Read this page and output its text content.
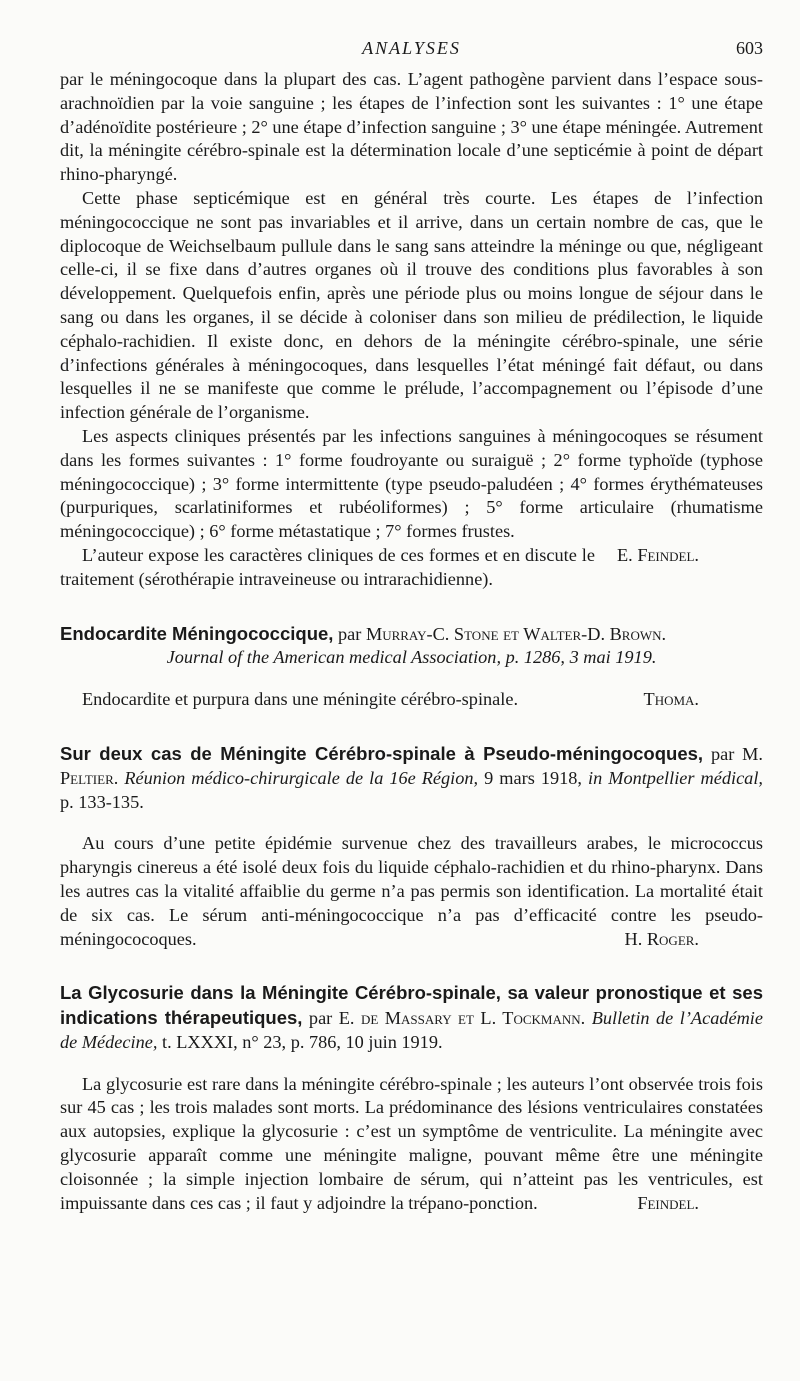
ANALYSES	603

par le méningocoque dans la plupart des cas. L’agent pathogène parvient dans l’espace sous-arachnoïdien par la voie sanguine ; les étapes de l’infection sont les suivantes : 1° une étape d’adénoïdite postérieure ; 2° une étape d’infection sanguine ; 3° une étape méningée. Autrement dit, la méningite cérébro-spinale est la détermination locale d’une septicémie à point de départ rhino-pharyngé.

Cette phase septicémique est en général très courte. Les étapes de l’infection méningococcique ne sont pas invariables et il arrive, dans un certain nombre de cas, que le diplocoque de Weichselbaum pullule dans le sang sans atteindre la méninge ou que, négligeant celle-ci, il se fixe dans d’autres organes où il trouve des conditions plus favorables à son développement. Quelquefois enfin, après une période plus ou moins longue de séjour dans le sang ou dans les organes, il se décide à coloniser dans son milieu de prédilection, le liquide céphalo-rachidien. Il existe donc, en dehors de la méningite cérébro-spinale, une série d’infections générales à méningocoques, dans lesquelles l’état méningé fait défaut, ou dans lesquelles il ne se manifeste que comme le prélude, l’accompagnement ou l’épisode d’une infection générale de l’organisme.

Les aspects cliniques présentés par les infections sanguines à méningocoques se résument dans les formes suivantes : 1° forme foudroyante ou suraiguë ; 2° forme typhoïde (typhose méningococcique) ; 3° forme intermittente (type pseudo-paludéen ; 4° formes érythémateuses (purpuriques, scarlatiniformes et rubéoliformes) ; 5° forme articulaire (rhumatisme méningococcique) ; 6° forme métastatique ; 7° formes frustes.

E. Feindel.
L’auteur expose les caractères cliniques de ces formes et en discute le traitement (sérothérapie intraveineuse ou intrarachidienne).

Endocardite Méningococcique, par Murray-C. Stone et Walter-D. Brown.
Journal of the American medical Association, p. 1286, 3 mai 1919.

Thoma.
Endocardite et purpura dans une méningite cérébro-spinale.

Sur deux cas de Méningite Cérébro-spinale à Pseudo-méningocoques, par M. Peltier. Réunion médico-chirurgicale de la 16e Région, 9 mars 1918, in Montpellier médical, p. 133-135.

Au cours d’une petite épidémie survenue chez des travailleurs arabes, le micrococcus pharyngis cinereus a été isolé deux fois du liquide céphalo-rachidien et du rhino-pharynx. Dans les autres cas la vitalité affaiblie du germe n’a pas permis son identification. La mortalité était de six cas. Le sérum anti-méningococcique n’a pas d’efficacité contre les pseudo-méningococoques.	H. Roger.

La Glycosurie dans la Méningite Cérébro-spinale, sa valeur pronostique et ses indications thérapeutiques, par E. de Massary et L. Tockmann. Bulletin de l’Académie de Médecine, t. LXXXI, n° 23, p. 786, 10 juin 1919.

La glycosurie est rare dans la méningite cérébro-spinale ; les auteurs l’ont observée trois fois sur 45 cas ; les trois malades sont morts. La prédominance des lésions ventriculaires constatées aux autopsies, explique la glycosurie : c’est un symptôme de ventriculite. La méningite avec glycosurie apparaît comme une méningite maligne, pouvant même être une méningite cloisonnée ; la simple injection lombaire de sérum, qui n’atteint pas les ventricules, est impuissante dans ces cas ; il faut y adjoindre la trépano-ponction.	Feindel.
